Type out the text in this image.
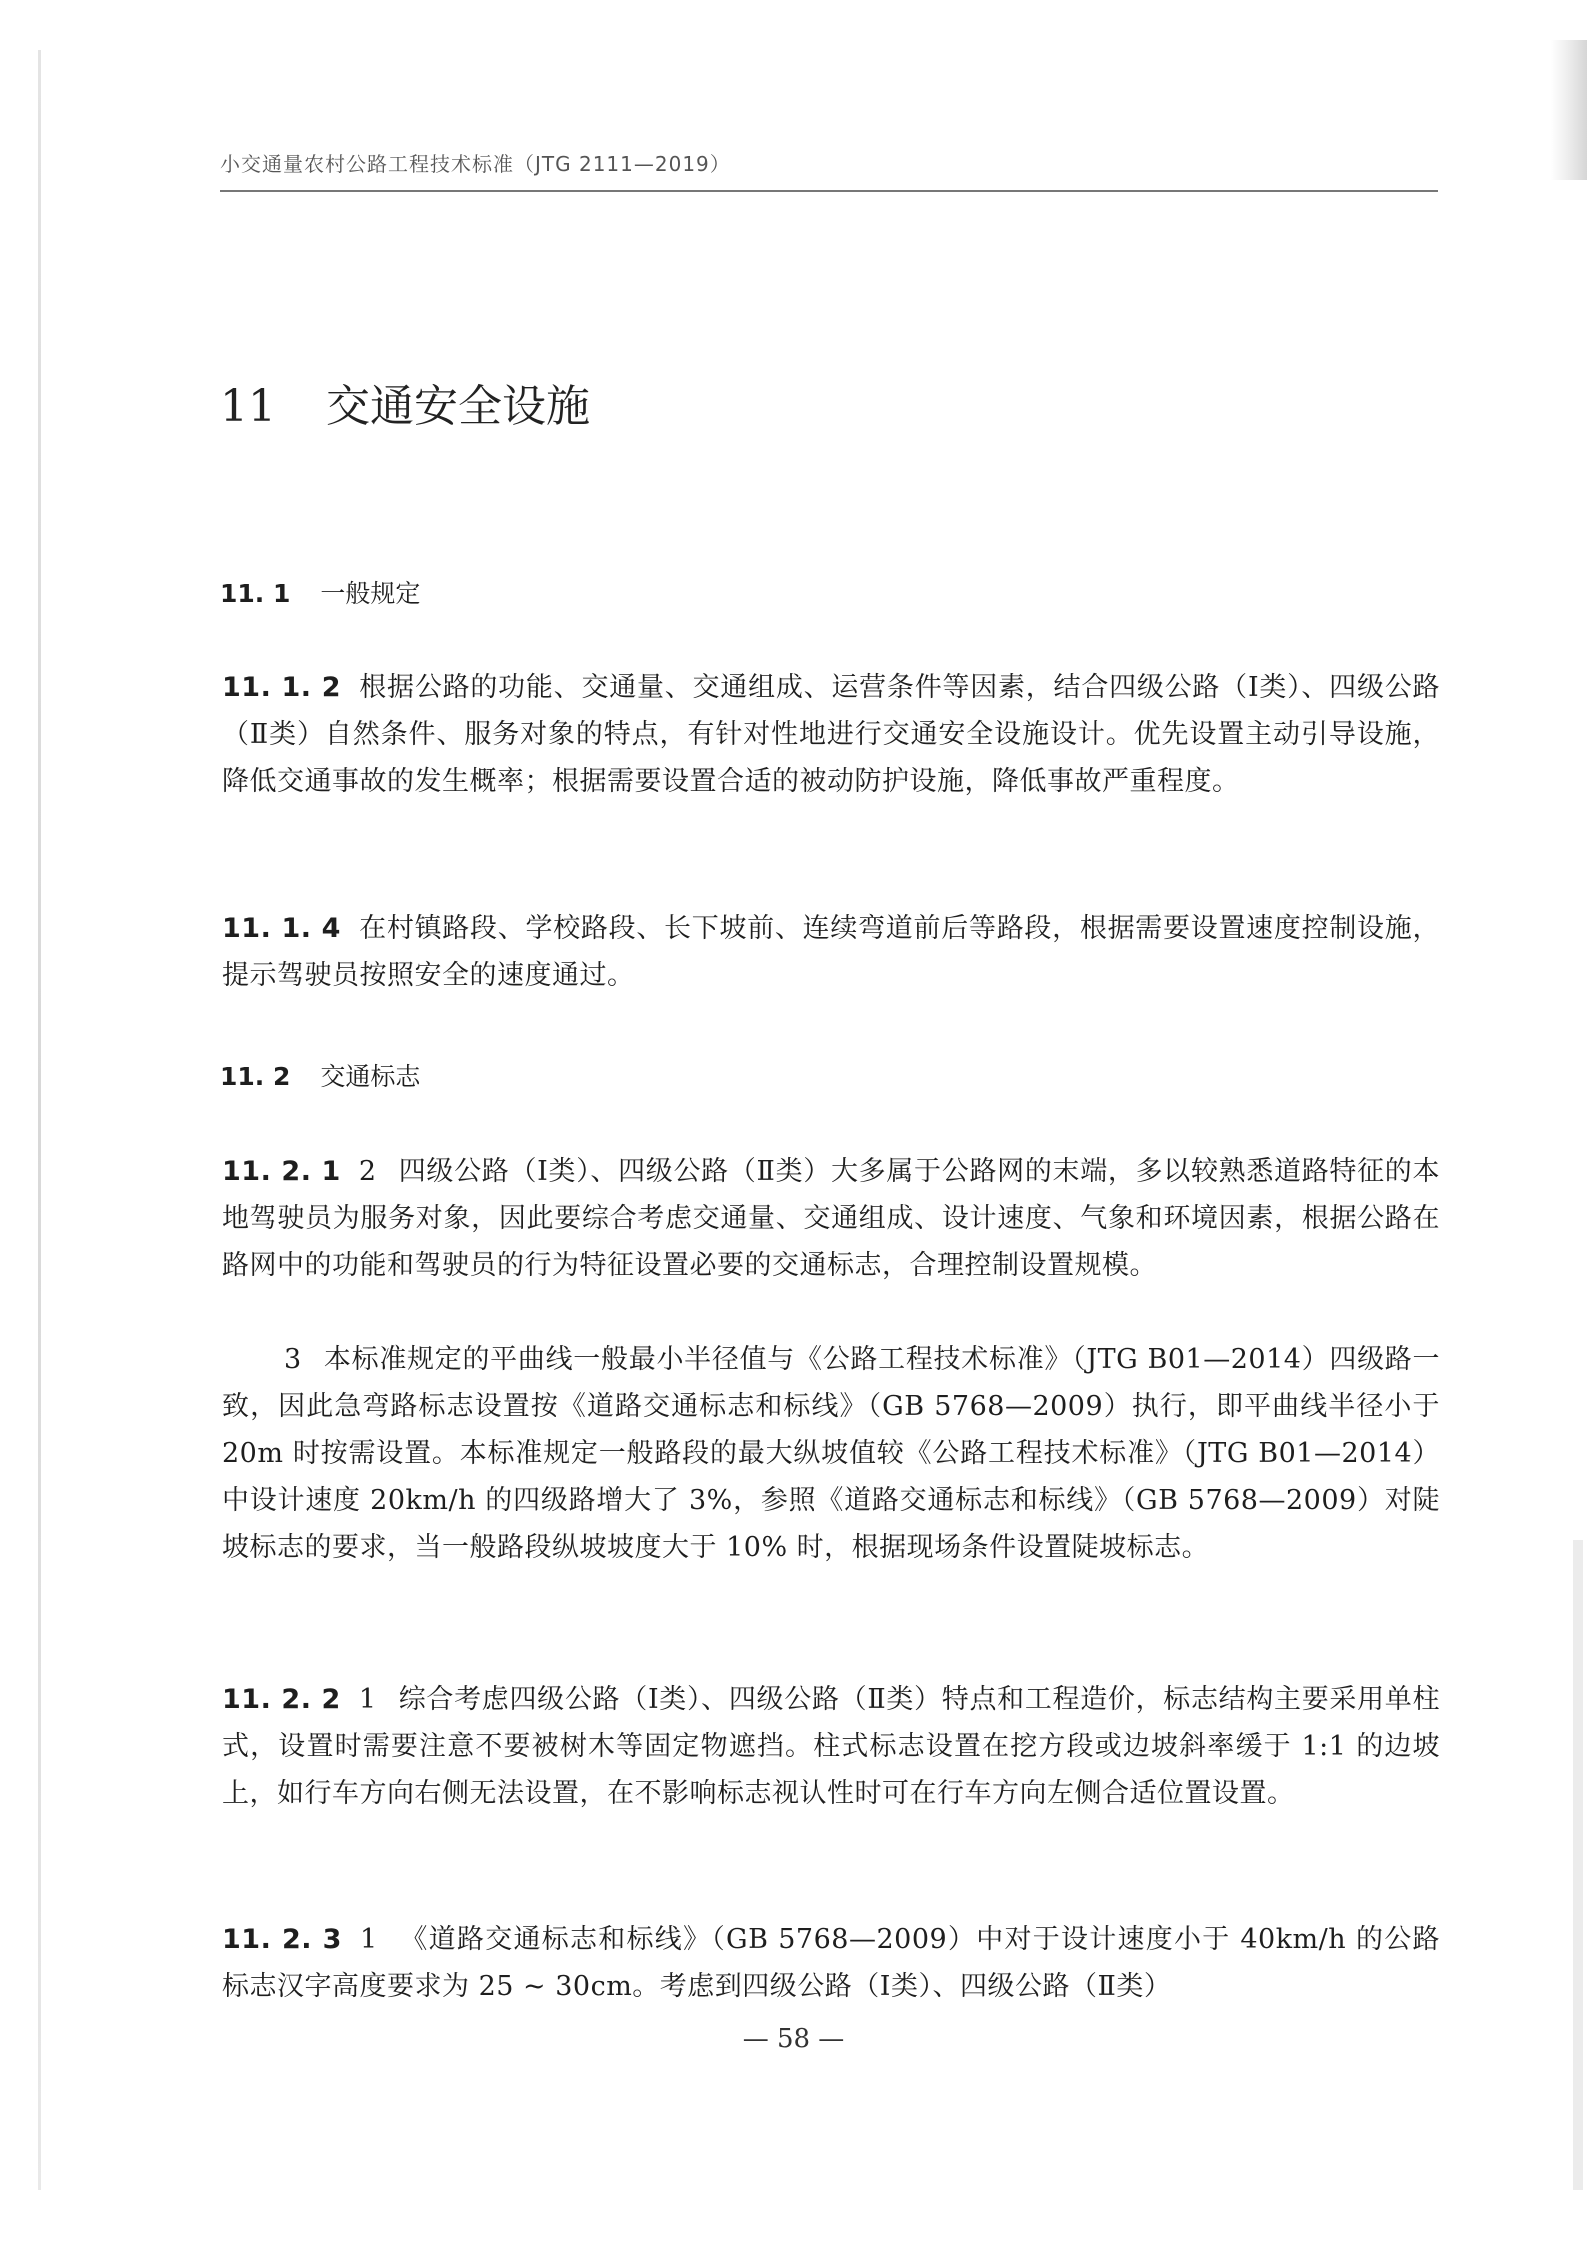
小交通量农村公路工程技术标准（JTG 2111—2019）
11 交通安全设施
11. 1 一般规定
11. 1. 2 根据公路的功能、交通量、交通组成、运营条件等因素，结合四级公路（Ⅰ类）、四级公路（Ⅱ类）自然条件、服务对象的特点，有针对性地进行交通安全设施设计。优先设置主动引导设施，降低交通事故的发生概率；根据需要设置合适的被动防护设施，降低事故严重程度。
11. 1. 4 在村镇路段、学校路段、长下坡前、连续弯道前后等路段，根据需要设置速度控制设施，提示驾驶员按照安全的速度通过。
11. 2 交通标志
11. 2. 1 2 四级公路（Ⅰ类）、四级公路（Ⅱ类）大多属于公路网的末端，多以较熟悉道路特征的本地驾驶员为服务对象，因此要综合考虑交通量、交通组成、设计速度、气象和环境因素，根据公路在路网中的功能和驾驶员的行为特征设置必要的交通标志，合理控制设置规模。
3 本标准规定的平曲线一般最小半径值与《公路工程技术标准》（JTG B01—2014）四级路一致，因此急弯路标志设置按《道路交通标志和标线》（GB 5768—2009）执行，即平曲线半径小于 20m 时按需设置。本标准规定一般路段的最大纵坡值较《公路工程技术标准》（JTG B01—2014）中设计速度 20km/h 的四级路增大了 3%，参照《道路交通标志和标线》（GB 5768—2009）对陡坡标志的要求，当一般路段纵坡坡度大于 10% 时，根据现场条件设置陡坡标志。
11. 2. 2 1 综合考虑四级公路（Ⅰ类）、四级公路（Ⅱ类）特点和工程造价，标志结构主要采用单柱式，设置时需要注意不要被树木等固定物遮挡。柱式标志设置在挖方段或边坡斜率缓于 1:1 的边坡上，如行车方向右侧无法设置，在不影响标志视认性时可在行车方向左侧合适位置设置。
11. 2. 3 1 《道路交通标志和标线》（GB 5768—2009）中对于设计速度小于 40km/h 的公路标志汉字高度要求为 25 ~ 30cm。考虑到四级公路（Ⅰ类）、四级公路（Ⅱ类）
— 58 —
